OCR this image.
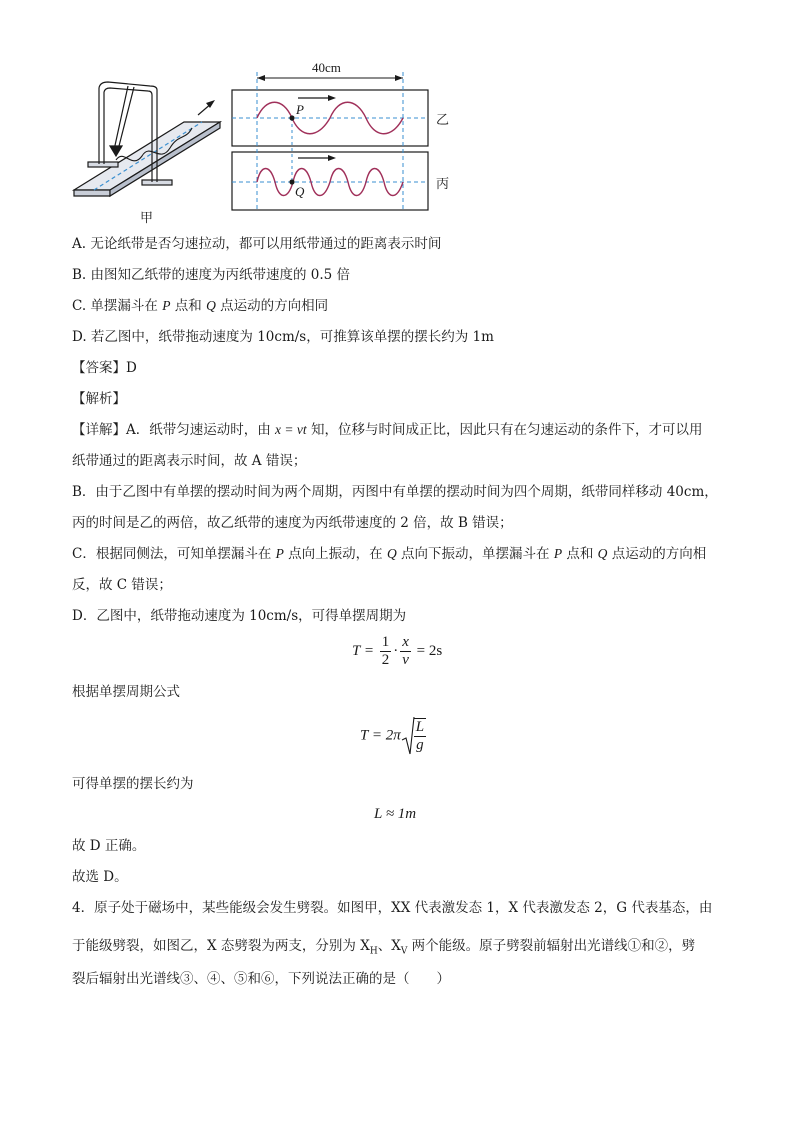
甲
40cm
P
Q
乙
丙
A. 无论纸带是否匀速拉动，都可以用纸带通过的距离表示时间
B. 由图知乙纸带的速度为丙纸带速度的 0.5 倍
C. 单摆漏斗在 P 点和 Q 点运动的方向相同
D. 若乙图中，纸带拖动速度为 10cm/s，可推算该单摆的摆长约为 1m
【答案】D
【解析】
【详解】A．纸带匀速运动时，由 x = vt 知，位移与时间成正比，因此只有在匀速运动的条件下，才可以用
纸带通过的距离表示时间，故 A 错误；
B．由于乙图中有单摆的摆动时间为两个周期，丙图中有单摆的摆动时间为四个周期，纸带同样移动 40cm，
丙的时间是乙的两倍，故乙纸带的速度为丙纸带速度的 2 倍，故 B 错误；
C．根据同侧法，可知单摆漏斗在 P 点向上振动，在 Q 点向下振动，单摆漏斗在 P 点和 Q 点运动的方向相
反，故 C 错误；
D．乙图中，纸带拖动速度为 10cm/s，可得单摆周期为
$T = \frac{1}{2} \cdot \frac{x}{v} = 2s$
根据单摆周期公式
$T = 2\pi \frac{L}{g}$
可得单摆的摆长约为
L ≈ 1m
故 D 正确。
故选 D。
4．原子处于磁场中，某些能级会发生劈裂。如图甲，XX 代表激发态 1，X 代表激发态 2，G 代表基态，由
于能级劈裂，如图乙，X 态劈裂为两支，分别为 $X_H$、$X_V$ 两个能级。原子劈裂前辐射出光谱线①和②，劈
裂后辐射出光谱线③、④、⑤和⑥，下列说法正确的是（　　）
